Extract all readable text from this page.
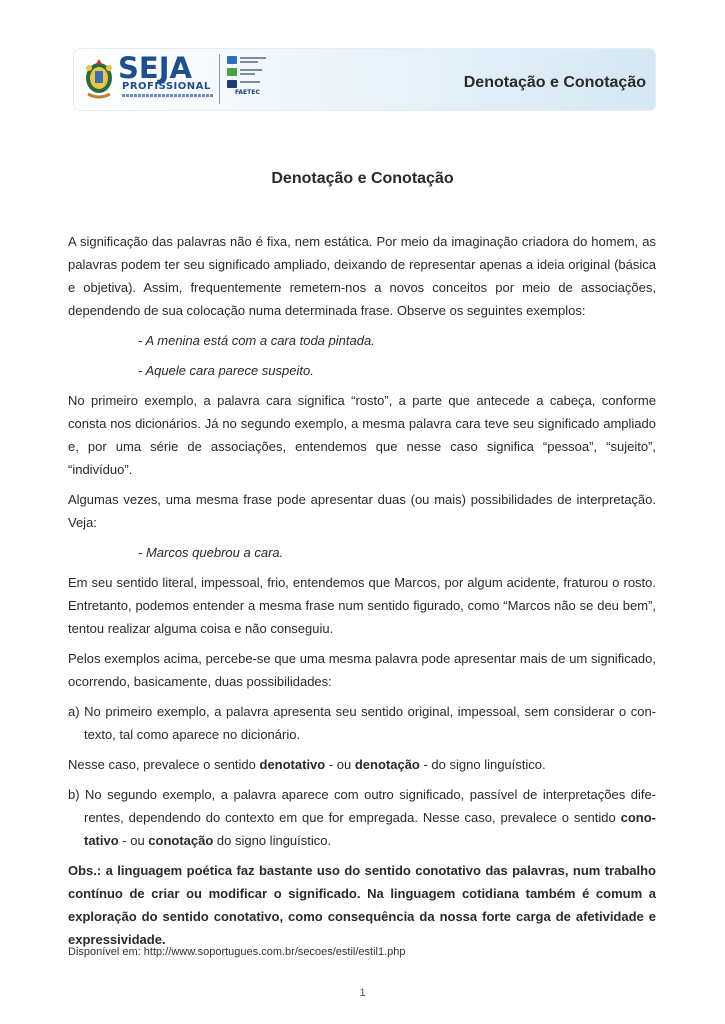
SEJA
PROFISSIONAL
FAETEC
Denotação e Conotação
Denotação e Conotação

A significação das palavras não é fixa, nem estática. Por meio da imaginação criadora do homem, as palavras podem ter seu significado ampliado, deixando de representar apenas a ideia original (básica e objetiva). Assim, frequentemente remetem-nos a novos conceitos por meio de associações, dependendo de sua colocação numa determinada frase. Observe os seguintes exemplos:

- A menina está com a cara toda pintada.

- Aquele cara parece suspeito.

No primeiro exemplo, a palavra cara significa “rosto”, a parte que antecede a cabeça, conforme consta nos dicionários. Já no segundo exemplo, a mesma palavra cara teve seu significado ampliado e, por uma série de associações, entendemos que nesse caso significa “pessoa”, “sujeito”, “indivíduo”.

Algumas vezes, uma mesma frase pode apresentar duas (ou mais) possibilidades de interpretação. Veja:

- Marcos quebrou a cara.

Em seu sentido literal, impessoal, frio, entendemos que Marcos, por algum acidente, fraturou o rosto. Entretanto, podemos entender a mesma frase num sentido figurado, como “Marcos não se deu bem”, tentou realizar alguma coisa e não conseguiu.

Pelos exemplos acima, percebe-se que uma mesma palavra pode apresentar mais de um significado, ocorrendo, basicamente, duas possibilidades:

a) No primeiro exemplo, a palavra apresenta seu sentido original, impessoal, sem considerar o con-texto, tal como aparece no dicionário.

Nesse caso, prevalece o sentido denotativo - ou denotação - do signo linguístico.

b) No segundo exemplo, a palavra aparece com outro significado, passível de interpretações dife-rentes, dependendo do contexto em que for empregada. Nesse caso, prevalece o sentido cono-tativo - ou conotação do signo linguístico.

Obs.: a linguagem poética faz bastante uso do sentido conotativo das palavras, num trabalho contínuo de criar ou modificar o significado. Na linguagem cotidiana também é comum a exploração do sentido conotativo, como consequência da nossa forte carga de afetividade e expressividade.

Disponível em: http://www.soportugues.com.br/secoes/estil/estil1.php
1
